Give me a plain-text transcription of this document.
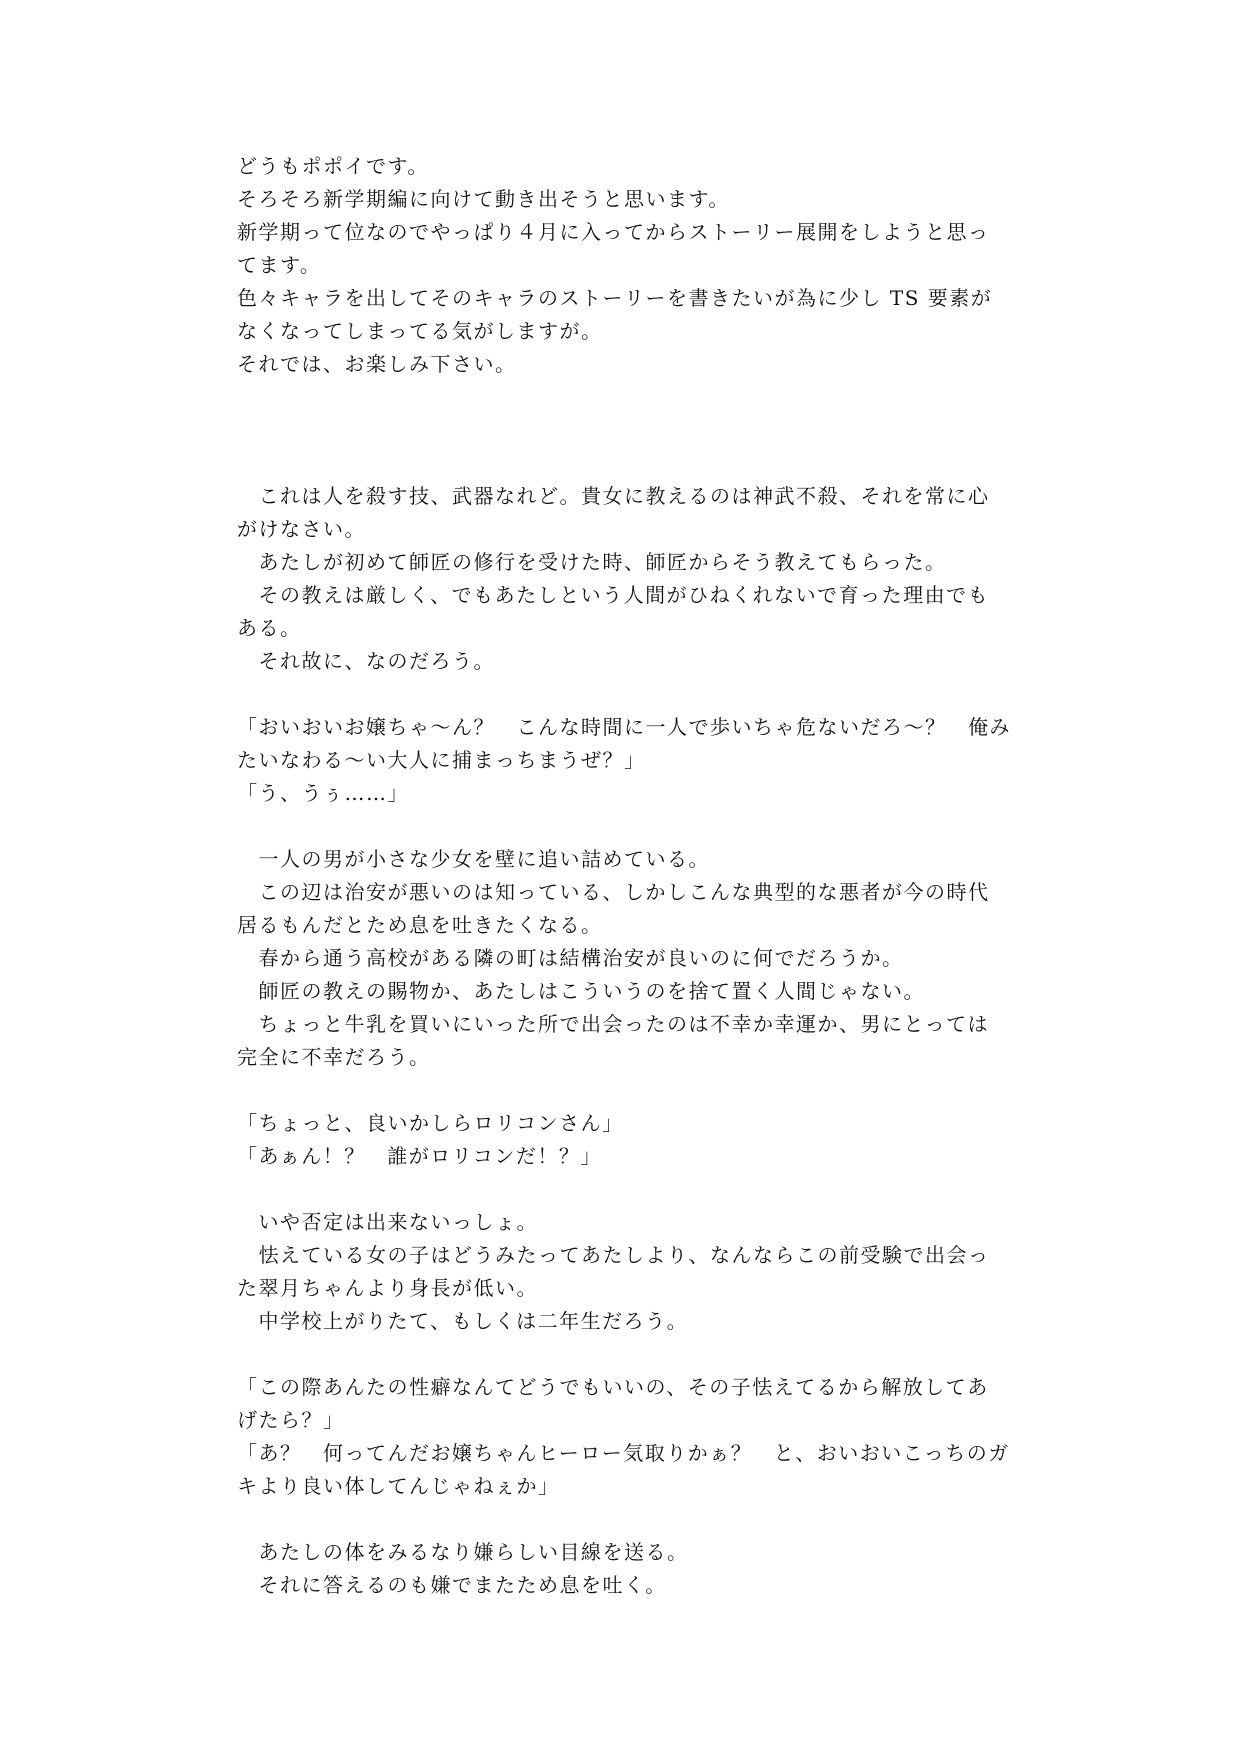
どうもポポイです。
そろそろ新学期編に向けて動き出そうと思います。
新学期って位なのでやっぱり４月に入ってからストーリー展開をしようと思っ
てます。
色々キャラを出してそのキャラのストーリーを書きたいが為に少し TS 要素が
なくなってしまってる気がしますが。
それでは、お楽しみ下さい。
　これは人を殺す技、武器なれど。貴女に教えるのは神武不殺、それを常に心
がけなさい。
　あたしが初めて師匠の修行を受けた時、師匠からそう教えてもらった。
　その教えは厳しく、でもあたしという人間がひねくれないで育った理由でも
ある。
　それ故に、なのだろう。
「おいおいお嬢ちゃ～ん？　こんな時間に一人で歩いちゃ危ないだろ～？　俺み
たいなわる～い大人に捕まっちまうぜ？」
「う、うぅ……」
　一人の男が小さな少女を壁に追い詰めている。
　この辺は治安が悪いのは知っている、しかしこんな典型的な悪者が今の時代
居るもんだとため息を吐きたくなる。
　春から通う高校がある隣の町は結構治安が良いのに何でだろうか。
　師匠の教えの賜物か、あたしはこういうのを捨て置く人間じゃない。
　ちょっと牛乳を買いにいった所で出会ったのは不幸か幸運か、男にとっては
完全に不幸だろう。
「ちょっと、良いかしらロリコンさん」
「あぁん！？　誰がロリコンだ！？」
　いや否定は出来ないっしょ。
　怯えている女の子はどうみたってあたしより、なんならこの前受験で出会っ
た翠月ちゃんより身長が低い。
　中学校上がりたて、もしくは二年生だろう。
「この際あんたの性癖なんてどうでもいいの、その子怯えてるから解放してあ
げたら？」
「あ？　何ってんだお嬢ちゃんヒーロー気取りかぁ？　と、おいおいこっちのガ
キより良い体してんじゃねぇか」
　あたしの体をみるなり嫌らしい目線を送る。
　それに答えるのも嫌でまたため息を吐く。
